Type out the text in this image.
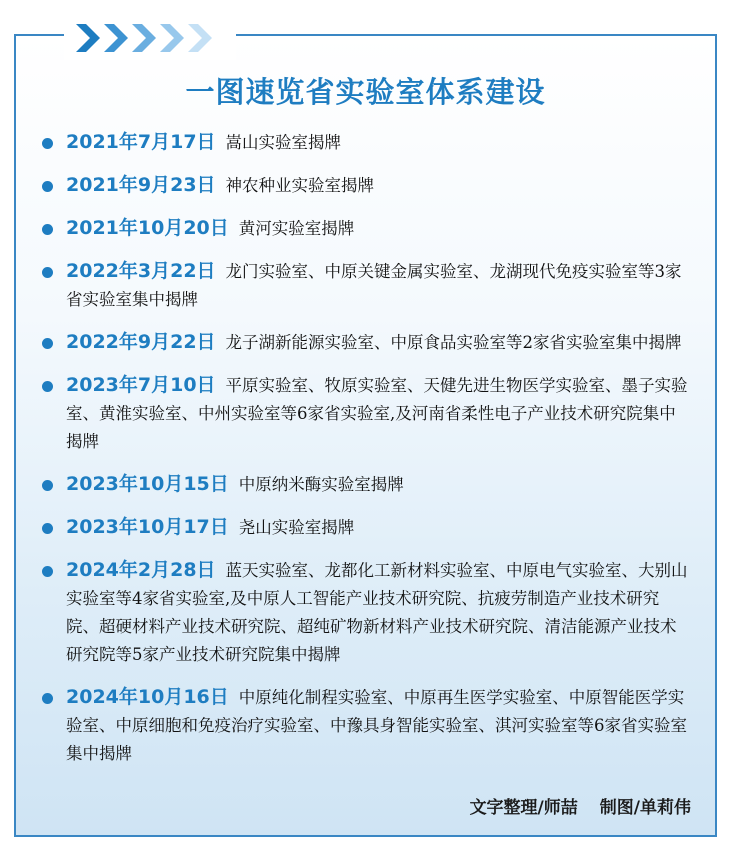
一图速览省实验室体系建设

2021年7月17日 嵩山实验室揭牌

2021年9月23日 神农种业实验室揭牌

2021年10月20日 黄河实验室揭牌

2022年3月22日 龙门实验室、中原关键金属实验室、龙湖现代免疫实验室等3家省实验室集中揭牌

2022年9月22日 龙子湖新能源实验室、中原食品实验室等2家省实验室集中揭牌

2023年7月10日 平原实验室、牧原实验室、天健先进生物医学实验室、墨子实验室、黄淮实验室、中州实验室等6家省实验室,及河南省柔性电子产业技术研究院集中揭牌

2023年10月15日 中原纳米酶实验室揭牌

2023年10月17日 尧山实验室揭牌

2024年2月28日 蓝天实验室、龙都化工新材料实验室、中原电气实验室、大别山实验室等4家省实验室,及中原人工智能产业技术研究院、抗疲劳制造产业技术研究院、超硬材料产业技术研究院、超纯矿物新材料产业技术研究院、清洁能源产业技术研究院等5家产业技术研究院集中揭牌

2024年10月16日 中原纯化制程实验室、中原再生医学实验室、中原智能医学实验室、中原细胞和免疫治疗实验室、中豫具身智能实验室、淇河实验室等6家省实验室集中揭牌

文字整理/师喆 制图/单莉伟
